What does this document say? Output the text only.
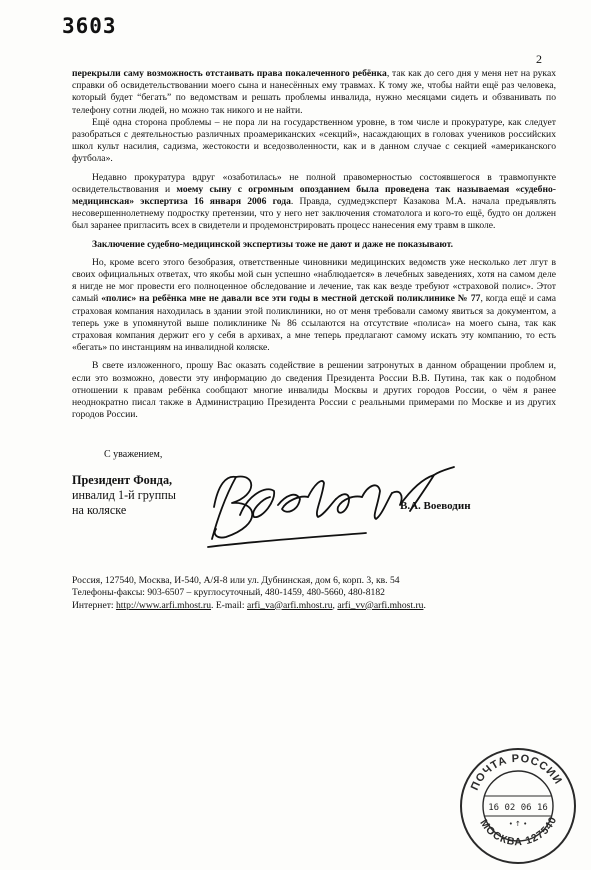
3603
2

перекрыли саму возможность отстаивать права покалеченного ребёнка, так как до сего дня у меня нет на руках справки об освидетельствовании моего сына и нанесённых ему травмах. К тому же, чтобы найти ещё раз человека, который будет “бегать” по ведомствам и решать проблемы инвалида, нужно месяцами сидеть и обзванивать по телефону сотни людей, но можно так никого и не найти.

Ещё одна сторона проблемы – не пора ли на государственном уровне, в том числе и прокуратуре, как следует разобраться с деятельностью различных проамериканских «секций», насаждающих в головах учеников российских школ культ насилия, садизма, жестокости и вседозволенности, как и в данном случае с секцией «американского футбола».

Недавно прокуратура вдруг «озаботилась» не полной правомерностью состоявшегося в травмопункте освидетельствования и моему сыну с огромным опозданием была проведена так называемая «судебно-медицинская» экспертиза 16 января 2006 года. Правда, судмедэксперт Казакова М.А. начала предъявлять несовершеннолетнему подростку претензии, что у него нет заключения стоматолога и кого-то ещё, будто он должен был заранее пригласить всех в свидетели и продемонстрировать процесс нанесения ему травм в школе.

Заключение судебно-медицинской экспертизы тоже не дают и даже не показывают.

Но, кроме всего этого безобразия, ответственные чиновники медицинских ведомств уже несколько лет лгут в своих официальных ответах, что якобы мой сын успешно «наблюдается» в лечебных заведениях, хотя на самом деле я нигде не мог провести его полноценное обследование и лечение, так как везде требуют «страховой полис». Этот самый «полис» на ребёнка мне не давали все эти годы в местной детской поликлинике № 77, когда ещё и сама страховая компания находилась в здании этой поликлиники, но от меня требовали самому явиться за документом, а теперь уже в упомянутой выше поликлинике № 86 ссылаются на отсутствие «полиса» на моего сына, так как страховая компания держит его у себя в архивах, а мне теперь предлагают самому искать эту компанию, то есть «бегать» по инстанциям на инвалидной коляске.

В свете изложенного, прошу Вас оказать содействие в решении затронутых в данном обращении проблем и, если это возможно, довести эту информацию до сведения Президента России В.В. Путина, так как о подобном отношении к правам ребёнка сообщают многие инвалиды Москвы и других городов России, о чём я ранее неоднократно писал также в Администрацию Президента России с реальными примерами по Москве и из других городов России.

С уважением,
Президент Фонда,
инвалид 1-й группы
на коляске	В.А. Воеводин
Россия, 127540, Москва, И-540, А/Я-8 или ул. Дубнинская, дом 6, корп. 3, кв. 54
Телефоны-факсы: 903-6507 – круглосуточный, 480-1459, 480-5660, 480-8182
Интернет: http://www.arfi.mhost.ru. E-mail: arfi_va@arfi.mhost.ru, arfi_vv@arfi.mhost.ru.
ПОЧТА РОССИИ
МОСКВА 127540
16 02 06 16
• ↑ •
